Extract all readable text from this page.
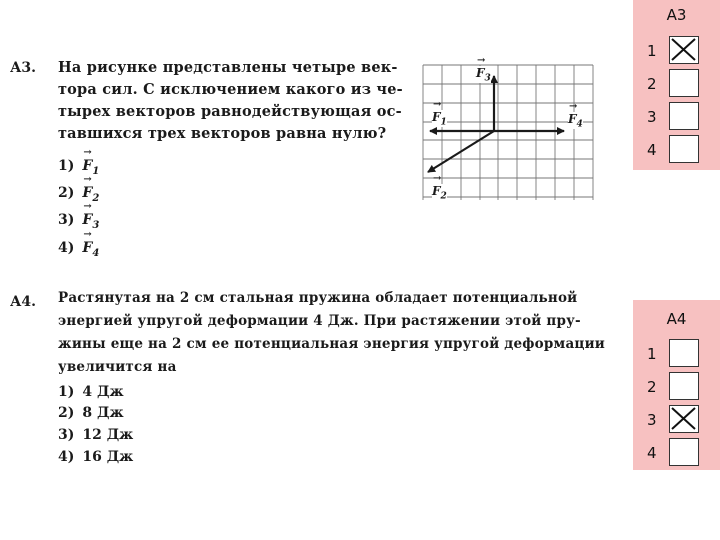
А3. На рисунке представлены четыре век-
тора сил. С исключением какого из че-
тырех векторов равнодействующая ос-
тавшихся трех векторов равна нулю?
$1) \to F_1$
$2) \to F_2$
$3) \to F_3$
$4) \to F_4$
→ $F_1$
→ $F_2$
→ $F_3$
→ $F_4$
А4. Растянутая на 2 см стальная пружина обладает потенциальной
энергией упругой деформации 4 Дж. При растяжении этой пру-
жины еще на 2 см ее потенциальная энергия упругой деформации
увеличится на
1) 4 Дж
2) 8 Дж
3) 12 Дж
4) 16 Дж
А3
1
2
3
4
А4
1
2
3
4
